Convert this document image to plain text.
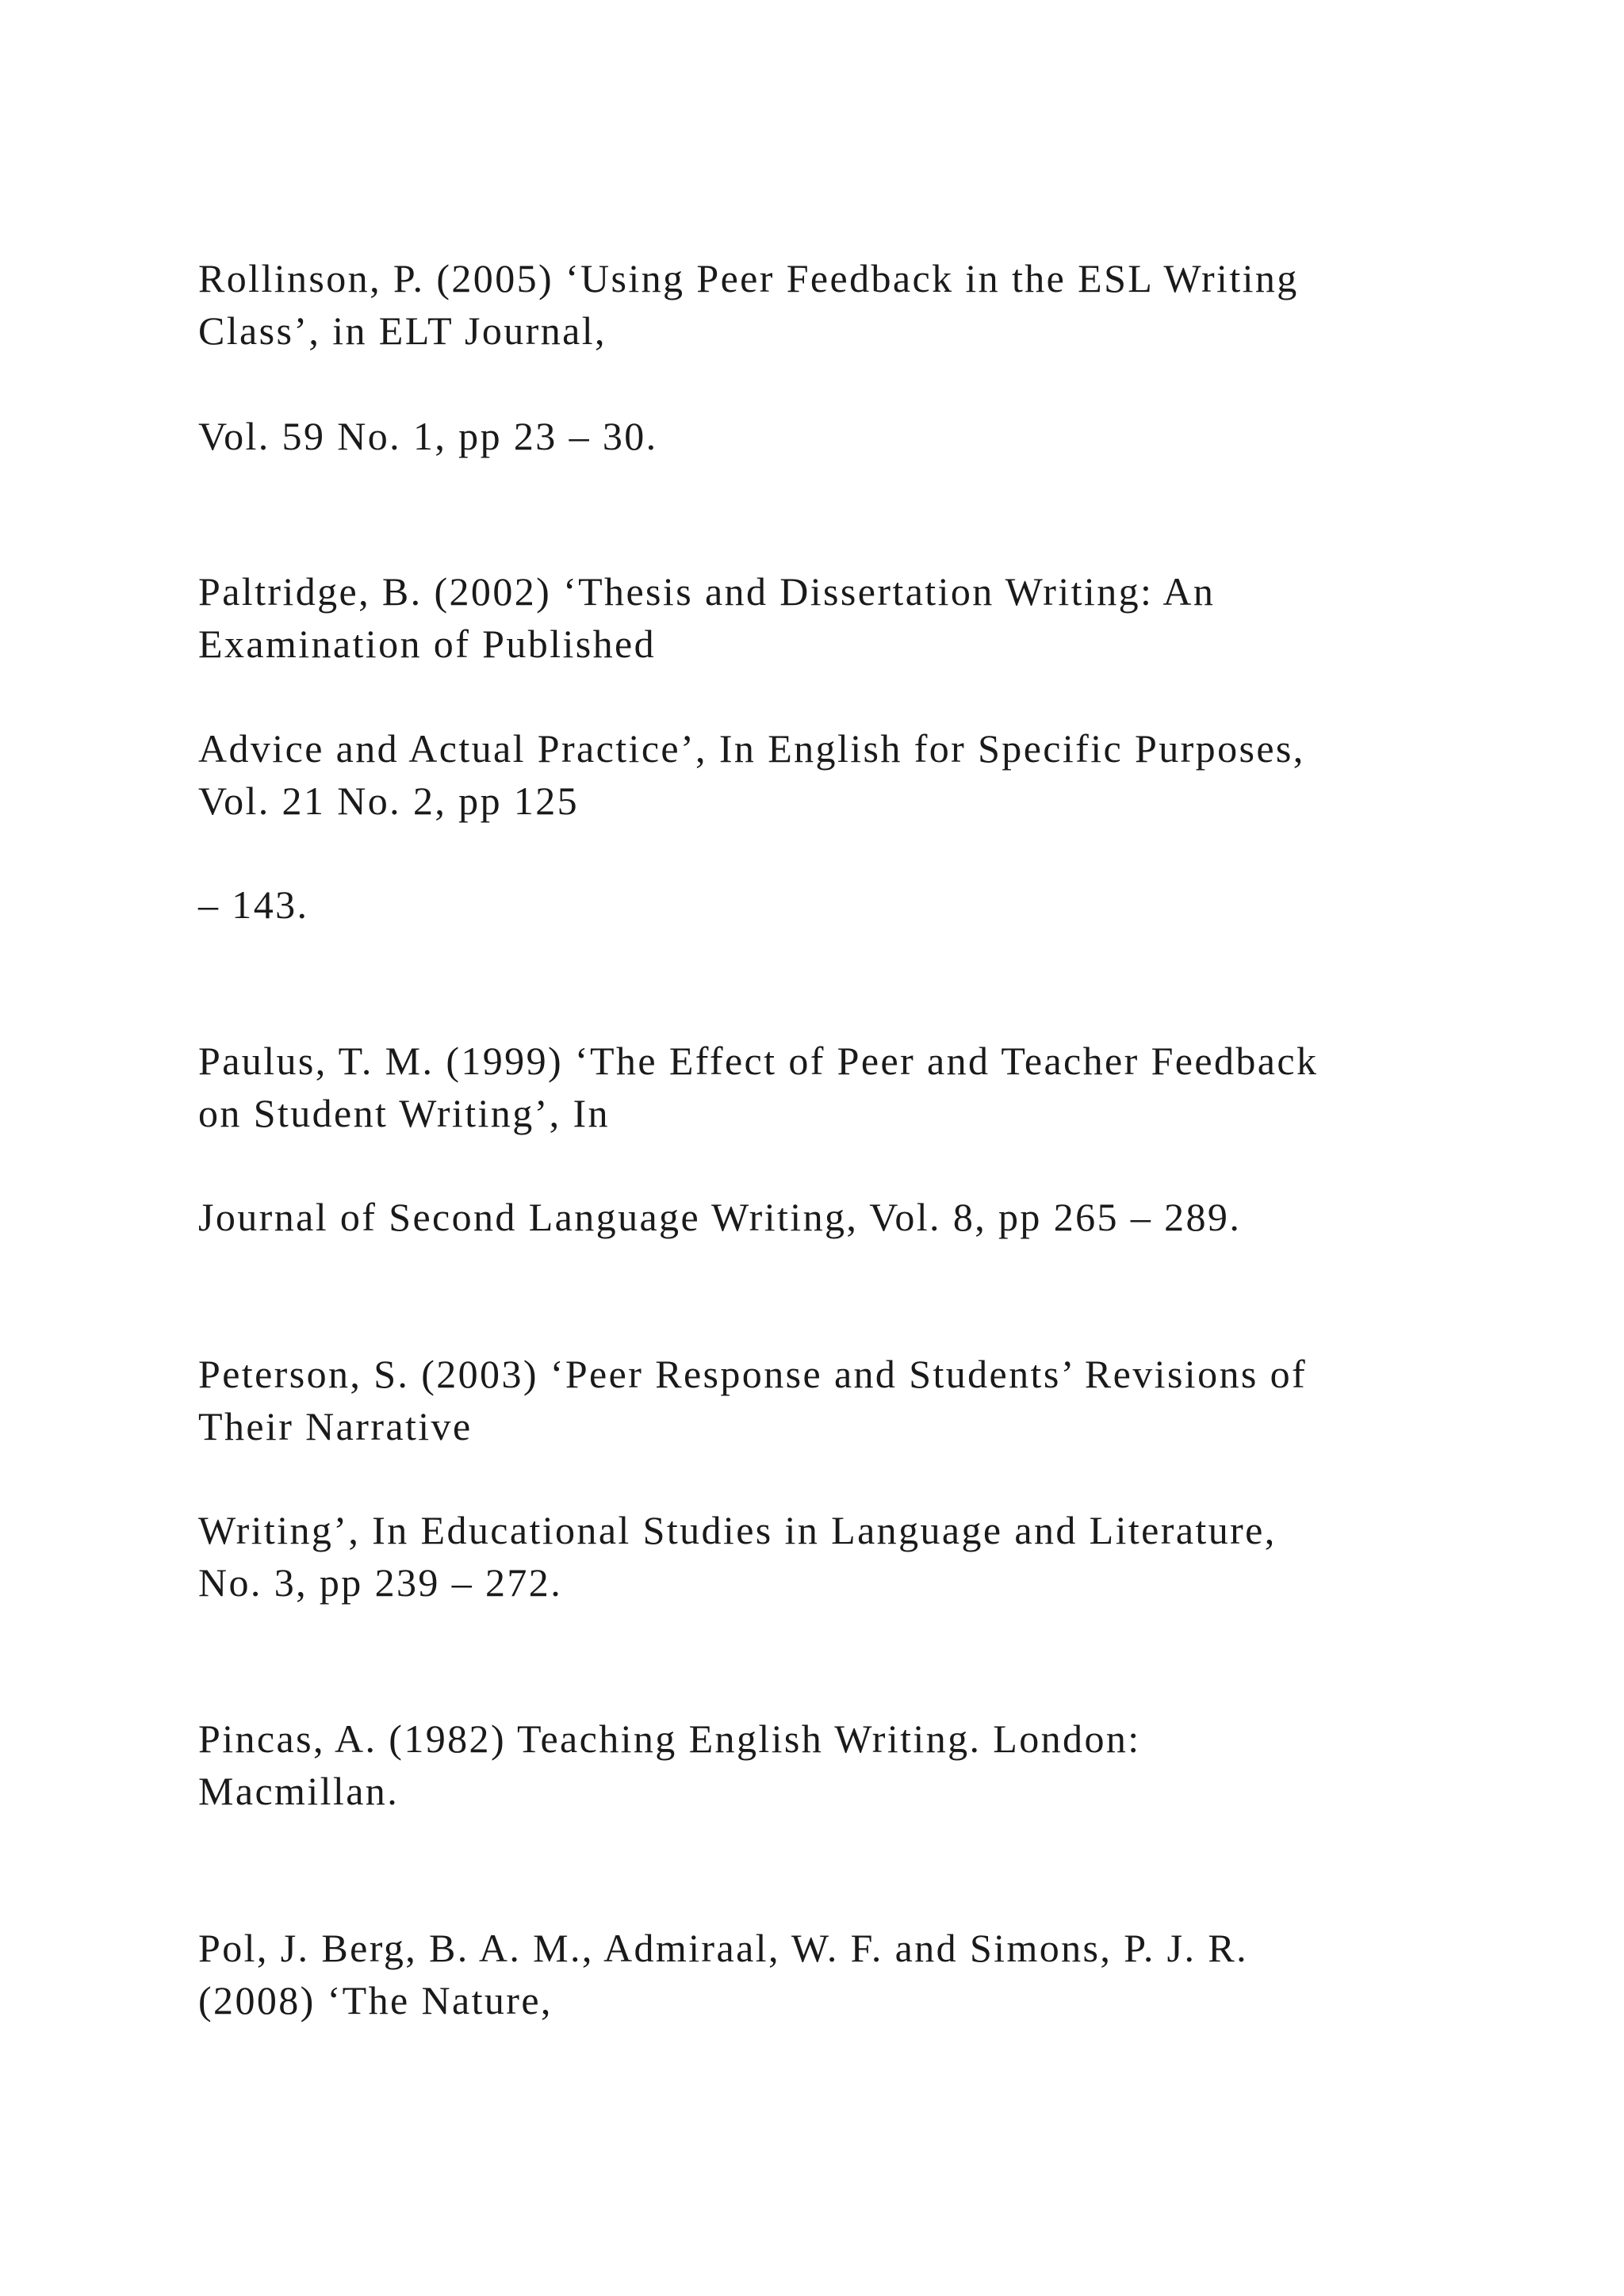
Rollinson, P. (2005) ‘Using Peer Feedback in the ESL Writing
Class’, in ELT Journal,

Vol. 59 No. 1, pp 23 – 30.

Paltridge, B. (2002) ‘Thesis and Dissertation Writing: An
Examination of Published

Advice and Actual Practice’, In English for Specific Purposes,
Vol. 21 No. 2, pp 125

– 143.

Paulus, T. M. (1999) ‘The Effect of Peer and Teacher Feedback
on Student Writing’, In

Journal of Second Language Writing, Vol. 8, pp 265 – 289.

Peterson, S. (2003) ‘Peer Response and Students’ Revisions of
Their Narrative

Writing’, In Educational Studies in Language and Literature,
No. 3, pp 239 – 272.

Pincas, A. (1982) Teaching English Writing. London:
Macmillan.

Pol, J. Berg, B. A. M., Admiraal, W. F. and Simons, P. J. R.
(2008) ‘The Nature,
